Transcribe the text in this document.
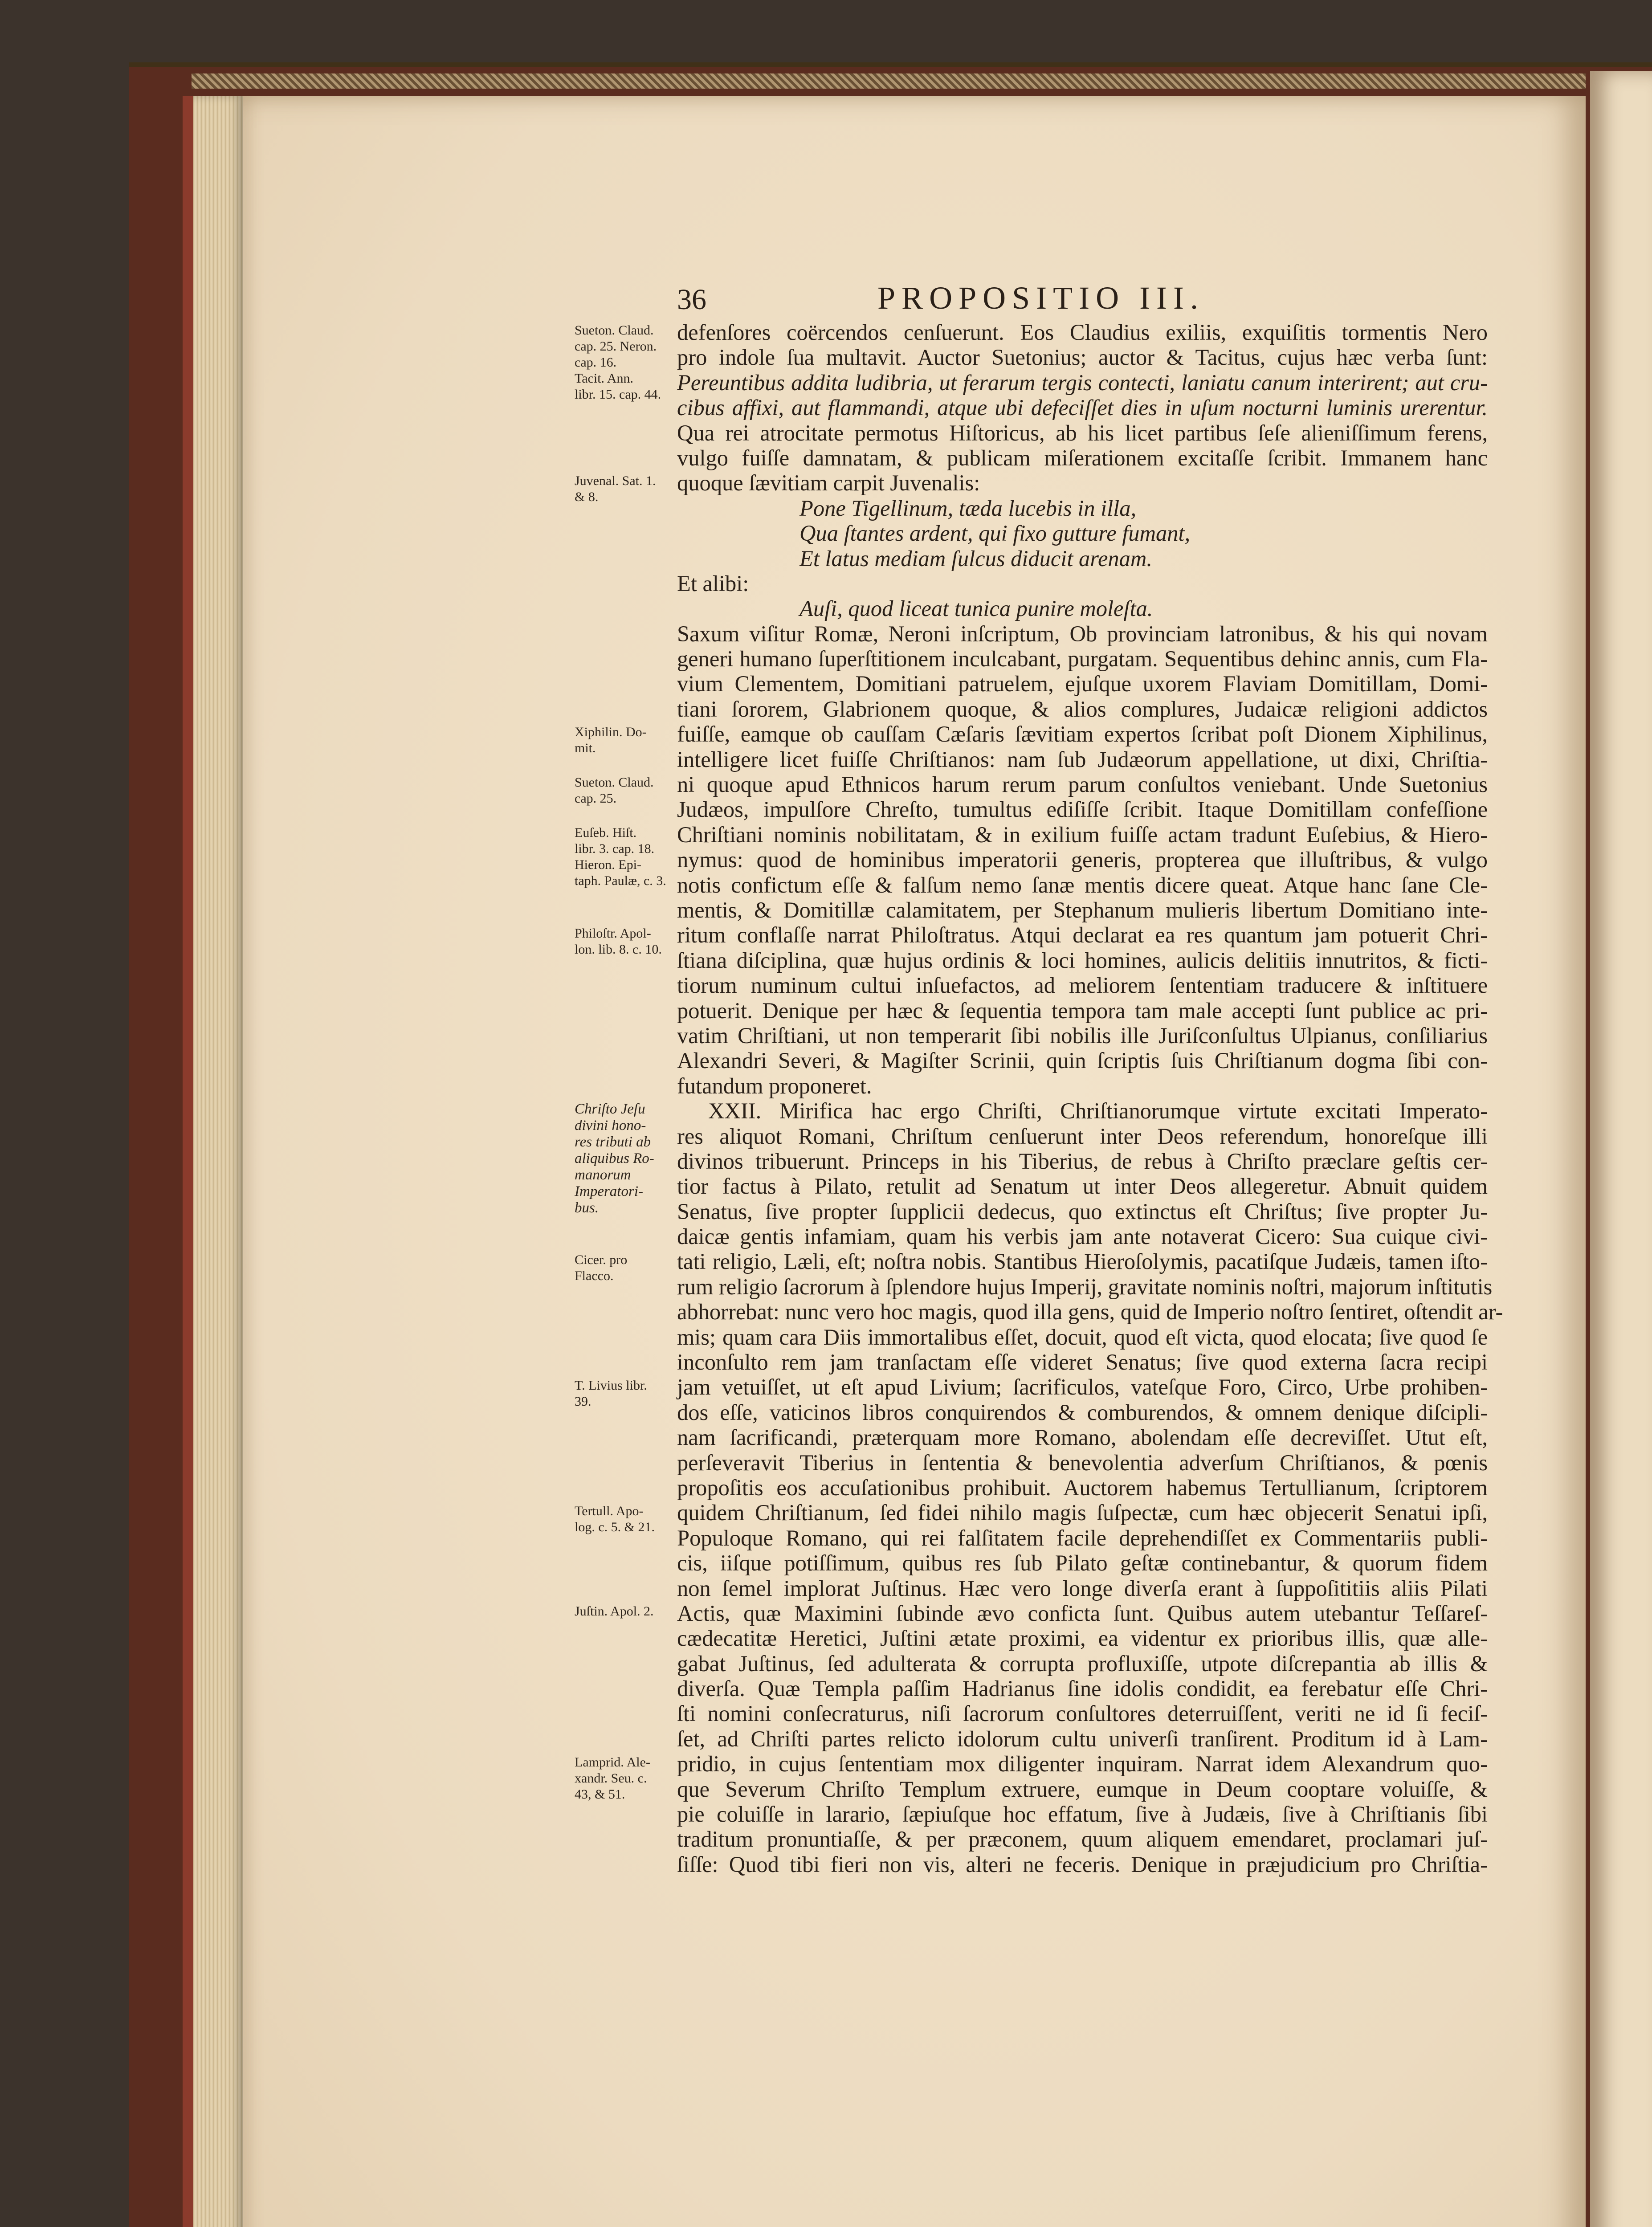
36	PROPOSITIO III.
defenſores coërcendos cenſuerunt. Eos Claudius exiliis, exquiſitis tormentis Nero
pro indole ſua multavit. Auctor Suetonius; auctor & Tacitus, cujus hæc verba ſunt:
Pereuntibus addita ludibria, ut ferarum tergis contecti, laniatu canum interirent; aut cru-
cibus affixi, aut flammandi, atque ubi defeciſſet dies in uſum nocturni luminis urerentur.
Qua rei atrocitate permotus Hiſtoricus, ab his licet partibus ſeſe alieniſſimum ferens,
vulgo fuiſſe damnatam, & publicam miſerationem excitaſſe ſcribit. Immanem hanc
quoque ſævitiam carpit Juvenalis:
Pone Tigellinum, tæda lucebis in illa,
Qua ſtantes ardent, qui fixo gutture fumant,
Et latus mediam ſulcus diducit arenam.
Et alibi:
Auſi, quod liceat tunica punire moleſta.
Saxum viſitur Romæ, Neroni inſcriptum, Ob provinciam latronibus, & his qui novam
generi humano ſuperſtitionem inculcabant, purgatam. Sequentibus dehinc annis, cum Fla-
vium Clementem, Domitiani patruelem, ejuſque uxorem Flaviam Domitillam, Domi-
tiani ſororem, Glabrionem quoque, & alios complures, Judaicæ religioni addictos
fuiſſe, eamque ob cauſſam Cæſaris ſævitiam expertos ſcribat poſt Dionem Xiphilinus,
intelligere licet fuiſſe Chriſtianos: nam ſub Judæorum appellatione, ut dixi, Chriſtia-
ni quoque apud Ethnicos harum rerum parum conſultos veniebant. Unde Suetonius
Judæos, impulſore Chreſto, tumultus ediſiſſe ſcribit. Itaque Domitillam confeſſione
Chriſtiani nominis nobilitatam, & in exilium fuiſſe actam tradunt Euſebius, & Hiero-
nymus: quod de hominibus imperatorii generis, propterea que illuſtribus, & vulgo
notis confictum eſſe & falſum nemo ſanæ mentis dicere queat. Atque hanc ſane Cle-
mentis, & Domitillæ calamitatem, per Stephanum mulieris libertum Domitiano inte-
ritum conflaſſe narrat Philoſtratus. Atqui declarat ea res quantum jam potuerit Chri-
ſtiana diſciplina, quæ hujus ordinis & loci homines, aulicis delitiis innutritos, & ficti-
tiorum numinum cultui inſuefactos, ad meliorem ſententiam traducere & inſtituere
potuerit. Denique per hæc & ſequentia tempora tam male accepti ſunt publice ac pri-
vatim Chriſtiani, ut non temperarit ſibi nobilis ille Juriſconſultus Ulpianus, conſiliarius
Alexandri Severi, & Magiſter Scrinii, quin ſcriptis ſuis Chriſtianum dogma ſibi con-
futandum proponeret.
XXII. Mirifica hac ergo Chriſti, Chriſtianorumque virtute excitati Imperato-
res aliquot Romani, Chriſtum cenſuerunt inter Deos referendum, honoreſque illi
divinos tribuerunt. Princeps in his Tiberius, de rebus à Chriſto præclare geſtis cer-
tior factus à Pilato, retulit ad Senatum ut inter Deos allegeretur. Abnuit quidem
Senatus, ſive propter ſupplicii dedecus, quo extinctus eſt Chriſtus; ſive propter Ju-
daicæ gentis infamiam, quam his verbis jam ante notaverat Cicero: Sua cuique civi-
tati religio, Læli, eſt; noſtra nobis. Stantibus Hieroſolymis, pacatiſque Judæis, tamen iſto-
rum religio ſacrorum à ſplendore hujus Imperij, gravitate nominis noſtri, majorum inſtitutis
abhorrebat: nunc vero hoc magis, quod illa gens, quid de Imperio noſtro ſentiret, oſtendit ar-
mis; quam cara Diis immortalibus eſſet, docuit, quod eſt victa, quod elocata; ſive quod ſe
inconſulto rem jam tranſactam eſſe videret Senatus; ſive quod externa ſacra recipi
jam vetuiſſet, ut eſt apud Livium; ſacrificulos, vateſque Foro, Circo, Urbe prohiben-
dos eſſe, vaticinos libros conquirendos & comburendos, & omnem denique diſcipli-
nam ſacrificandi, præterquam more Romano, abolendam eſſe decreviſſet. Utut eſt,
perſeveravit Tiberius in ſententia & benevolentia adverſum Chriſtianos, & pœnis
propoſitis eos accuſationibus prohibuit. Auctorem habemus Tertullianum, ſcriptorem
quidem Chriſtianum, ſed fidei nihilo magis ſuſpectæ, cum hæc objecerit Senatui ipſi,
Populoque Romano, qui rei falſitatem facile deprehendiſſet ex Commentariis publi-
cis, iiſque potiſſimum, quibus res ſub Pilato geſtæ continebantur, & quorum fidem
non ſemel implorat Juſtinus. Hæc vero longe diverſa erant à ſuppoſititiis aliis Pilati
Actis, quæ Maximini ſubinde ævo conficta ſunt. Quibus autem utebantur Teſſareſ-
cædecatitæ Heretici, Juſtini ætate proximi, ea videntur ex prioribus illis, quæ alle-
gabat Juſtinus, ſed adulterata & corrupta profluxiſſe, utpote diſcrepantia ab illis &
diverſa. Quæ Templa paſſim Hadrianus ſine idolis condidit, ea ferebatur eſſe Chri-
ſti nomini conſecraturus, niſi ſacrorum conſultores deterruiſſent, veriti ne id ſi feciſ-
ſet, ad Chriſti partes relicto idolorum cultu univerſi tranſirent. Proditum id à Lam-
pridio, in cujus ſententiam mox diligenter inquiram. Narrat idem Alexandrum quo-
que Severum Chriſto Templum extruere, eumque in Deum cooptare voluiſſe, &
pie coluiſſe in larario, ſæpiuſque hoc effatum, ſive à Judæis, ſive à Chriſtianis ſibi
traditum pronuntiaſſe, & per præconem, quum aliquem emendaret, proclamari juſ-
ſiſſe: Quod tibi fieri non vis, alteri ne feceris. Denique in præjudicium pro Chriſtia-
Sueton. Claud.
cap. 25. Neron.
cap. 16.
Tacit. Ann.
libr. 15. cap. 44.
Juvenal. Sat. 1.
& 8.
Xiphilin. Do-
mit.
Sueton. Claud.
cap. 25.
Euſeb. Hiſt.
libr. 3. cap. 18.
Hieron. Epi-
taph. Paulæ, c. 3.
Philoſtr. Apol-
lon. lib. 8. c. 10.
Chriſto Jeſu
divini hono-
res tributi ab
aliquibus Ro-
manorum
Imperatori-
bus.
Cicer. pro
Flacco.
T. Livius libr.
39.
Tertull. Apo-
log. c. 5. & 21.
Juſtin. Apol. 2.
Lamprid. Ale-
xandr. Seu. c.
43, & 51.
